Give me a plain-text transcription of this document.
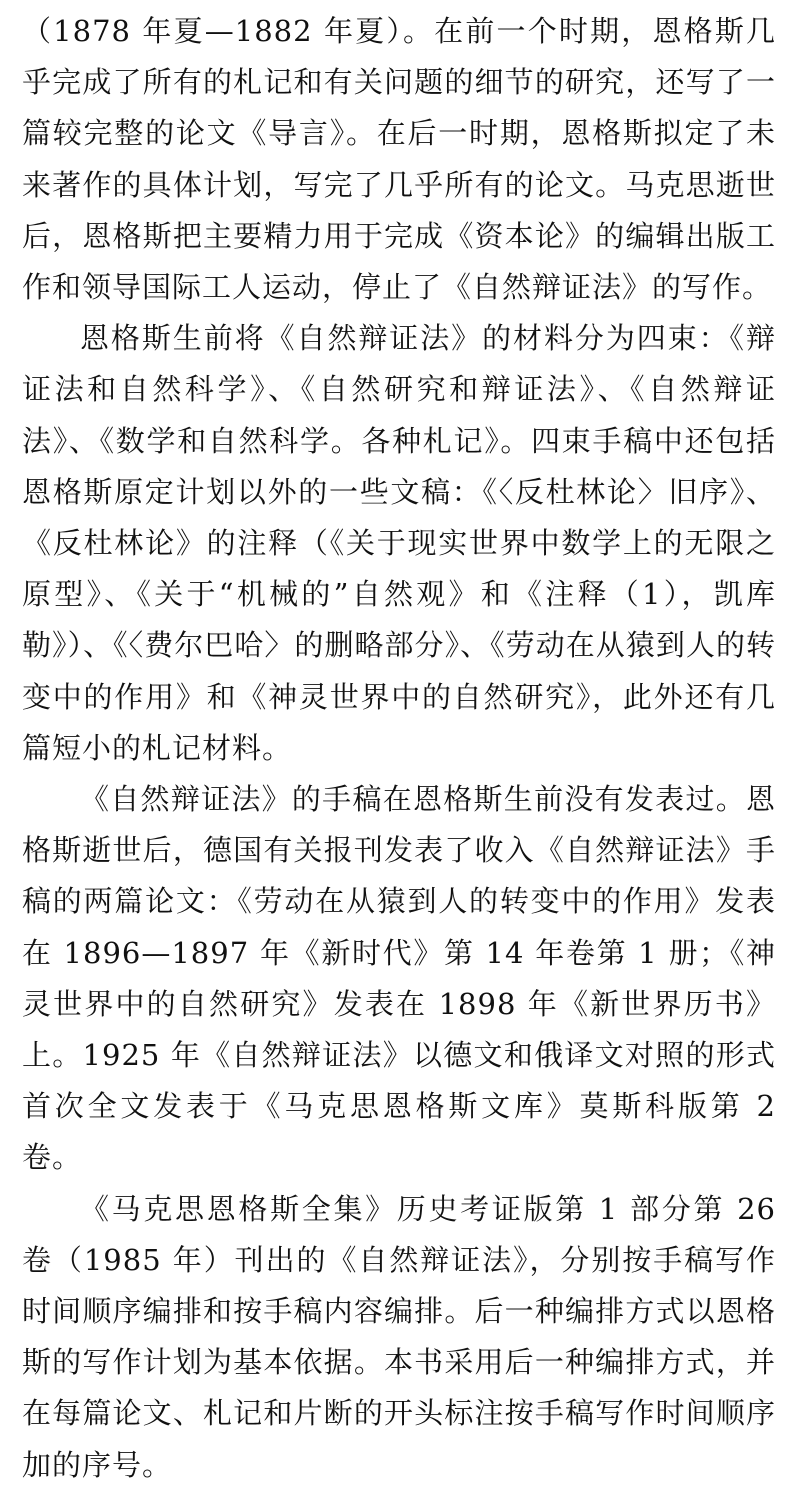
（1878 年夏—1882 年夏）。在前一个时期，恩格斯几乎完成了所有的札记和有关问题的细节的研究，还写了一篇较完整的论文《导言》。在后一时期，恩格斯拟定了未来著作的具体计划，写完了几乎所有的论文。马克思逝世后，恩格斯把主要精力用于完成《资本论》的编辑出版工作和领导国际工人运动，停止了《自然辩证法》的写作。

恩格斯生前将《自然辩证法》的材料分为四束：《辩证法和自然科学》、《自然研究和辩证法》、《自然辩证法》、《数学和自然科学。各种札记》。四束手稿中还包括恩格斯原定计划以外的一些文稿：《〈反杜林论〉旧序》、《反杜林论》的注释（《关于现实世界中数学上的无限之原型》、《关于“机械的”自然观》和《注释（1），凯库勒》）、《〈费尔巴哈〉的删略部分》、《劳动在从猿到人的转变中的作用》和《神灵世界中的自然研究》，此外还有几篇短小的札记材料。

《自然辩证法》的手稿在恩格斯生前没有发表过。恩格斯逝世后，德国有关报刊发表了收入《自然辩证法》手稿的两篇论文：《劳动在从猿到人的转变中的作用》发表在 1896—1897 年《新时代》第 14 年卷第 1 册；《神灵世界中的自然研究》发表在 1898 年《新世界历书》上。1925 年《自然辩证法》以德文和俄译文对照的形式首次全文发表于《马克思恩格斯文库》莫斯科版第 2 卷。

《马克思恩格斯全集》历史考证版第 1 部分第 26 卷（1985 年）刊出的《自然辩证法》，分别按手稿写作时间顺序编排和按手稿内容编排。后一种编排方式以恩格斯的写作计划为基本依据。本书采用后一种编排方式，并在每篇论文、札记和片断的开头标注按手稿写作时间顺序加的序号。
